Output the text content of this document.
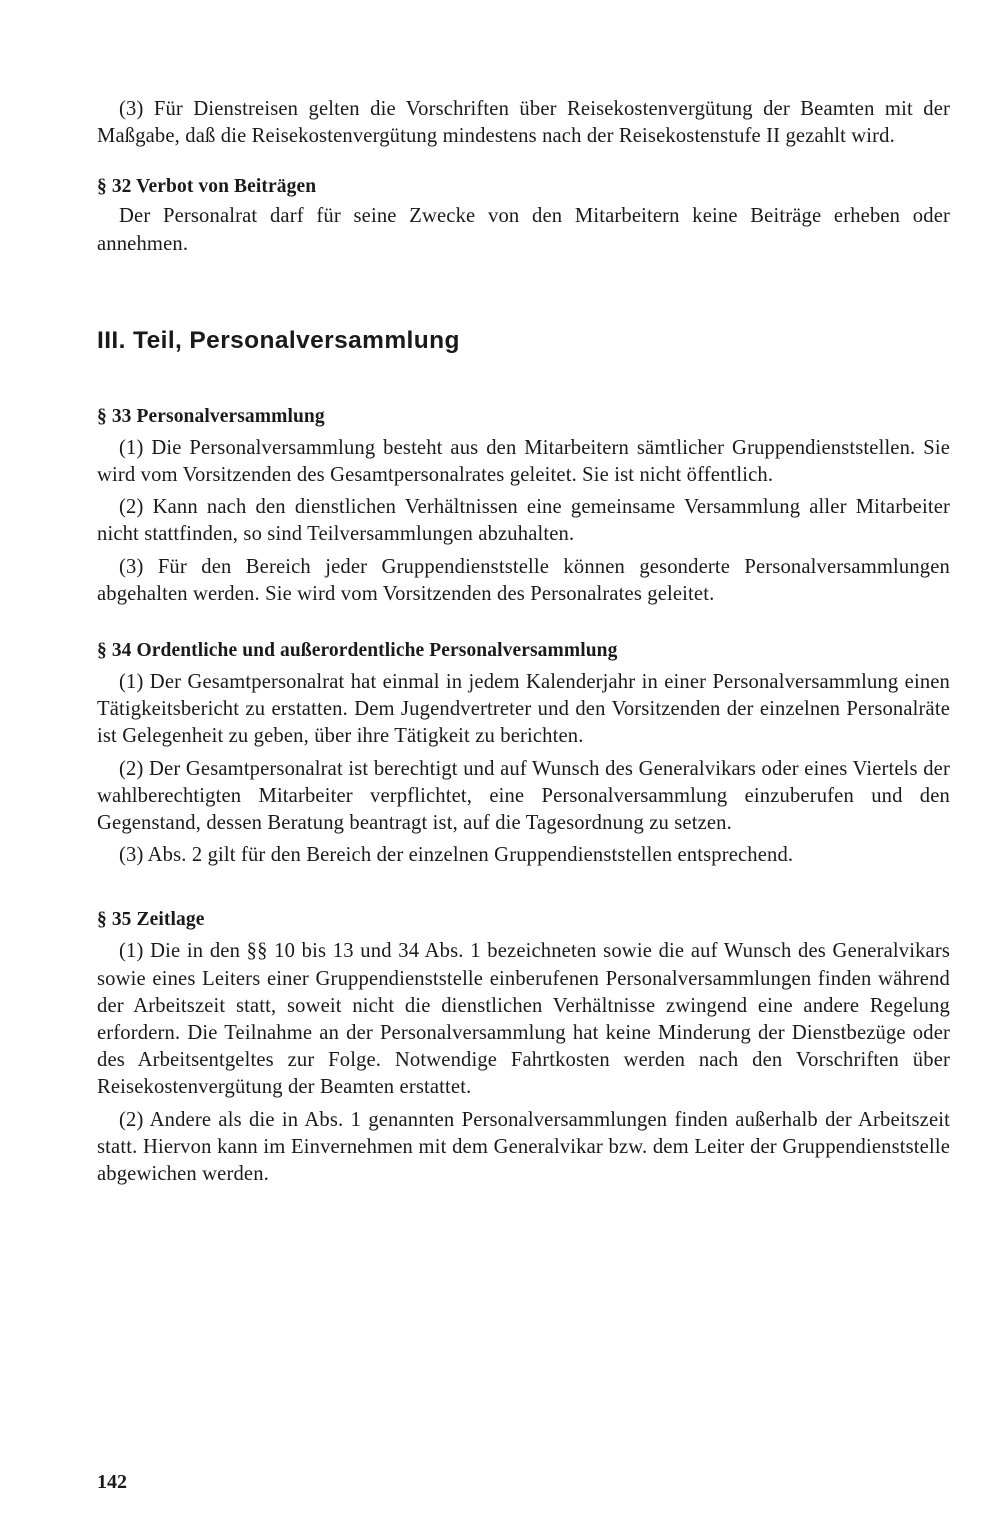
(3) Für Dienstreisen gelten die Vorschriften über Reisekostenvergütung der Beamten mit der Maßgabe, daß die Reisekostenvergütung mindestens nach der Reisekostenstufe II gezahlt wird.

§ 32 Verbot von Beiträgen

Der Personalrat darf für seine Zwecke von den Mitarbeitern keine Beiträge erheben oder annehmen.

III. Teil, Personalversammlung
§ 33 Personalversammlung

(1) Die Personalversammlung besteht aus den Mitarbeitern sämtlicher Gruppendienststellen. Sie wird vom Vorsitzenden des Gesamtpersonalrates geleitet. Sie ist nicht öffentlich.

(2) Kann nach den dienstlichen Verhältnissen eine gemeinsame Versammlung aller Mitarbeiter nicht stattfinden, so sind Teilversammlungen abzuhalten.

(3) Für den Bereich jeder Gruppendienststelle können gesonderte Personalversammlungen abgehalten werden. Sie wird vom Vorsitzenden des Personalrates geleitet.

§ 34 Ordentliche und außerordentliche Personalversammlung

(1) Der Gesamtpersonalrat hat einmal in jedem Kalenderjahr in einer Personalversammlung einen Tätigkeitsbericht zu erstatten. Dem Jugendvertreter und den Vorsitzenden der einzelnen Personalräte ist Gelegenheit zu geben, über ihre Tätigkeit zu berichten.

(2) Der Gesamtpersonalrat ist berechtigt und auf Wunsch des Generalvikars oder eines Viertels der wahlberechtigten Mitarbeiter verpflichtet, eine Personalversammlung einzuberufen und den Gegenstand, dessen Beratung beantragt ist, auf die Tagesordnung zu setzen.

(3) Abs. 2 gilt für den Bereich der einzelnen Gruppendienststellen entsprechend.

§ 35 Zeitlage

(1) Die in den §§ 10 bis 13 und 34 Abs. 1 bezeichneten sowie die auf Wunsch des Generalvikars sowie eines Leiters einer Gruppendienststelle einberufenen Personalversammlungen finden während der Arbeitszeit statt, soweit nicht die dienstlichen Verhältnisse zwingend eine andere Regelung erfordern. Die Teilnahme an der Personalversammlung hat keine Minderung der Dienstbezüge oder des Arbeitsentgeltes zur Folge. Notwendige Fahrtkosten werden nach den Vorschriften über Reisekostenvergütung der Beamten erstattet.

(2) Andere als die in Abs. 1 genannten Personalversammlungen finden außerhalb der Arbeitszeit statt. Hiervon kann im Einvernehmen mit dem Generalvikar bzw. dem Leiter der Gruppendienststelle abgewichen werden.

142
